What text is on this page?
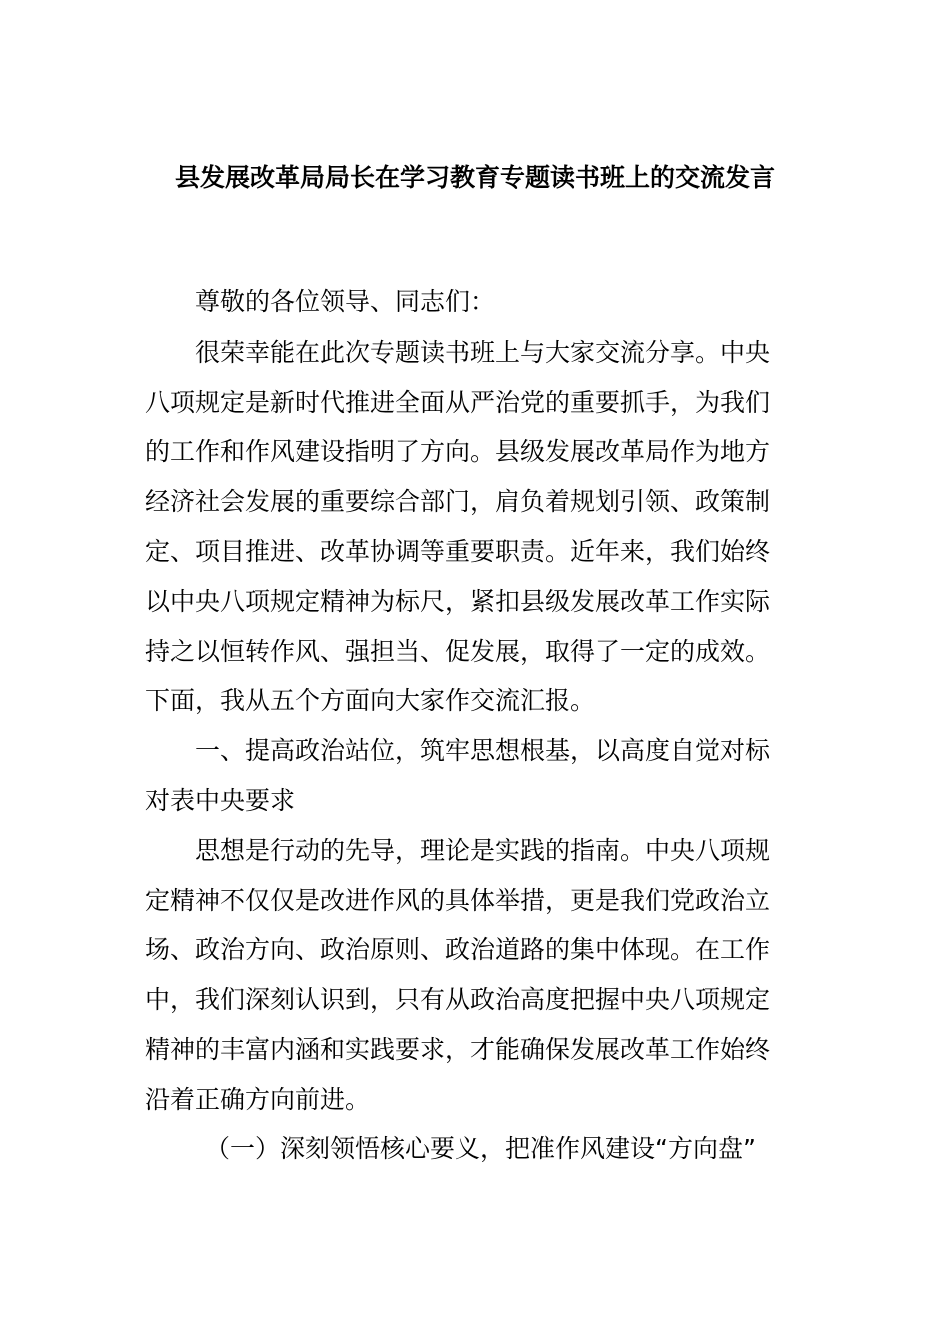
县发展改革局局长在学习教育专题读书班上的交流发言

尊敬的各位领导、同志们：

很荣幸能在此次专题读书班上与大家交流分享。中央

八项规定是新时代推进全面从严治党的重要抓手，为我们

的工作和作风建设指明了方向。县级发展改革局作为地方

经济社会发展的重要综合部门，肩负着规划引领、政策制

定、项目推进、改革协调等重要职责。近年来，我们始终

以中央八项规定精神为标尺，紧扣县级发展改革工作实际

持之以恒转作风、强担当、促发展，取得了一定的成效。

下面，我从五个方面向大家作交流汇报。

一、提高政治站位，筑牢思想根基，以高度自觉对标

对表中央要求

思想是行动的先导，理论是实践的指南。中央八项规

定精神不仅仅是改进作风的具体举措，更是我们党政治立

场、政治方向、政治原则、政治道路的集中体现。在工作

中，我们深刻认识到，只有从政治高度把握中央八项规定

精神的丰富内涵和实践要求，才能确保发展改革工作始终

沿着正确方向前进。

（一）深刻领悟核心要义，把准作风建设“方向盘”
